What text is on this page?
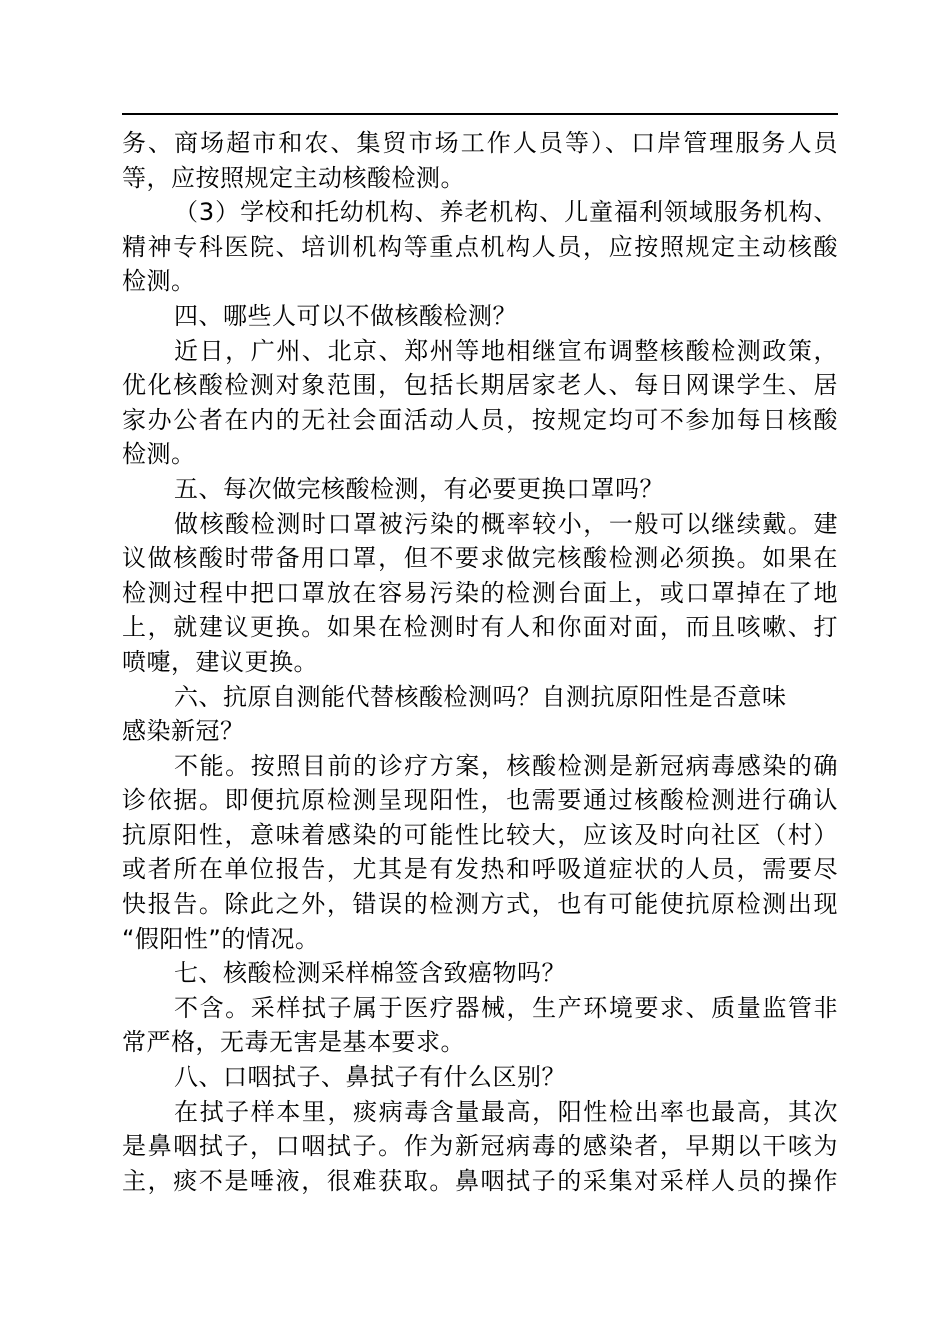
务、商场超市和农、集贸市场工作人员等）、口岸管理服务人员
等，应按照规定主动核酸检测。
（3）学校和托幼机构、养老机构、儿童福利领域服务机构、
精神专科医院、培训机构等重点机构人员，应按照规定主动核酸
检测。
四、哪些人可以不做核酸检测？
近日，广州、北京、郑州等地相继宣布调整核酸检测政策，
优化核酸检测对象范围，包括长期居家老人、每日网课学生、居
家办公者在内的无社会面活动人员，按规定均可不参加每日核酸
检测。
五、每次做完核酸检测，有必要更换口罩吗？
做核酸检测时口罩被污染的概率较小，一般可以继续戴。建
议做核酸时带备用口罩，但不要求做完核酸检测必须换。如果在
检测过程中把口罩放在容易污染的检测台面上，或口罩掉在了地
上，就建议更换。如果在检测时有人和你面对面，而且咳嗽、打
喷嚏，建议更换。
六、抗原自测能代替核酸检测吗？自测抗原阳性是否意味
感染新冠？
不能。按照目前的诊疗方案，核酸检测是新冠病毒感染的确
诊依据。即便抗原检测呈现阳性，也需要通过核酸检测进行确认
抗原阳性，意味着感染的可能性比较大，应该及时向社区（村）
或者所在单位报告，尤其是有发热和呼吸道症状的人员，需要尽
快报告。除此之外，错误的检测方式，也有可能使抗原检测出现
“假阳性”的情况。
七、核酸检测采样棉签含致癌物吗？
不含。采样拭子属于医疗器械，生产环境要求、质量监管非
常严格，无毒无害是基本要求。
八、口咽拭子、鼻拭子有什么区别？
在拭子样本里，痰病毒含量最高，阳性检出率也最高，其次
是鼻咽拭子，口咽拭子。作为新冠病毒的感染者，早期以干咳为
主，痰不是唾液，很难获取。鼻咽拭子的采集对采样人员的操作
